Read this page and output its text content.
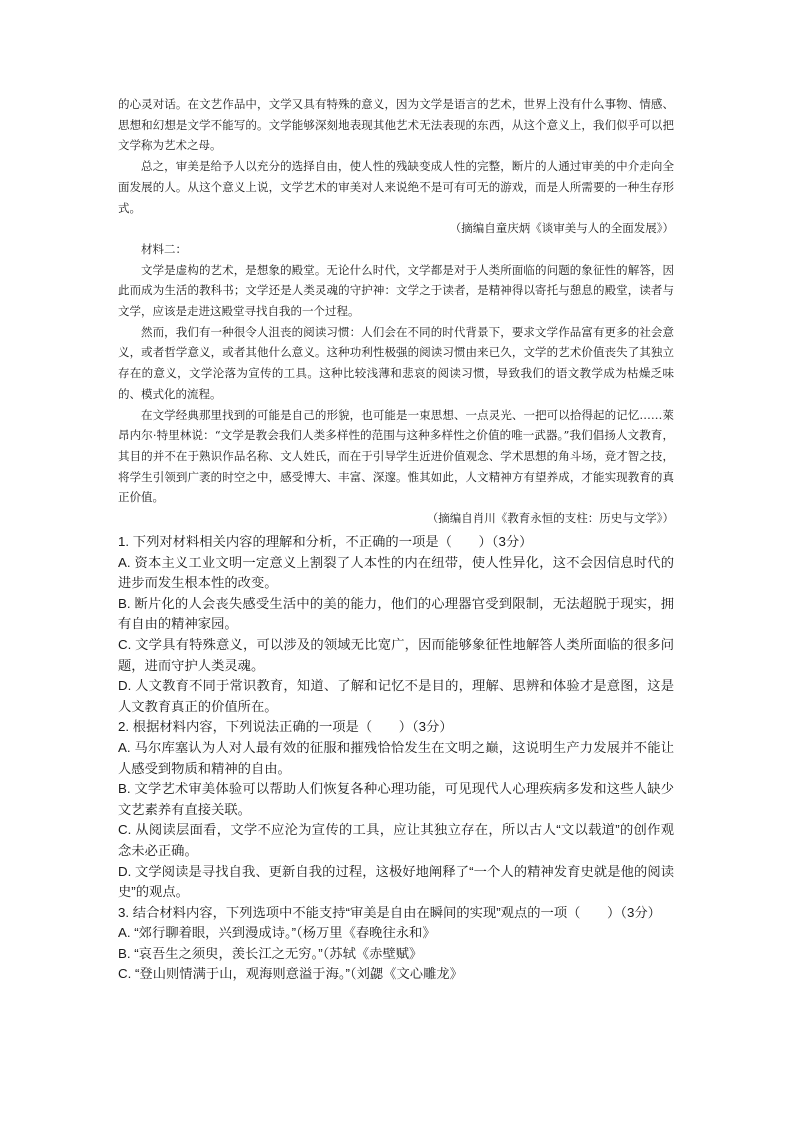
的心灵对话。在文艺作品中，文学又具有特殊的意义，因为文学是语言的艺术，世界上没有什么事物、情感、思想和幻想是文学不能写的。文学能够深刻地表现其他艺术无法表现的东西，从这个意义上，我们似乎可以把文学称为艺术之母。

总之，审美是给予人以充分的选择自由，使人性的残缺变成人性的完整，断片的人通过审美的中介走向全面发展的人。从这个意义上说，文学艺术的审美对人来说绝不是可有可无的游戏，而是人所需要的一种生存形式。

（摘编自童庆炳《谈审美与人的全面发展》）

材料二：

文学是虚构的艺术，是想象的殿堂。无论什么时代，文学都是对于人类所面临的问题的象征性的解答，因此而成为生活的教科书；文学还是人类灵魂的守护神：文学之于读者，是精神得以寄托与憩息的殿堂，读者与文学，应该是走进这殿堂寻找自我的一个过程。

然而，我们有一种很令人沮丧的阅读习惯：人们会在不同的时代背景下，要求文学作品富有更多的社会意义，或者哲学意义，或者其他什么意义。这种功利性极强的阅读习惯由来已久，文学的艺术价值丧失了其独立存在的意义，文学沦落为宣传的工具。这种比较浅薄和悲哀的阅读习惯，导致我们的语文教学成为枯燥乏味的、模式化的流程。

在文学经典那里找到的可能是自己的形貌，也可能是一束思想、一点灵光、一把可以拾得起的记忆……萊昂内尔·特里林说：“文学是教会我们人类多样性的范围与这种多样性之价值的唯一武器。”我们倡扬人文教育，其目的并不在于熟识作品名称、文人姓氏，而在于引导学生近进价值观念、学术思想的角斗场，竞才智之技，将学生引领到广袤的时空之中，感受博大、丰富、深邃。惟其如此，人文精神方有望养成，才能实现教育的真正价值。

（摘编自肖川《教育永恒的支柱：历史与文学》）

1. 下列对材料相关内容的理解和分析，不正确的一项是（　　）（3分）

A. 资本主义工业文明一定意义上割裂了人本性的内在纽带，使人性异化，这不会因信息时代的进步而发生根本性的改变。

B. 断片化的人会丧失感受生活中的美的能力，他们的心理器官受到限制，无法超脱于现实，拥有自由的精神家园。

C. 文学具有特殊意义，可以涉及的领域无比宽广，因而能够象征性地解答人类所面临的很多问题，进而守护人类灵魂。

D. 人文教育不同于常识教育，知道、了解和记忆不是目的，理解、思辨和体验才是意图，这是人文教育真正的价值所在。

2. 根据材料内容，下列说法正确的一项是（　　）（3分）

A. 马尔库塞认为人对人最有效的征服和摧残恰恰发生在文明之巅，这说明生产力发展并不能让人感受到物质和精神的自由。

B. 文学艺术审美体验可以帮助人们恢复各种心理功能，可见现代人心理疾病多发和这些人缺少文艺素养有直接关联。

C. 从阅读层面看，文学不应沦为宣传的工具，应让其独立存在，所以古人“文以载道”的创作观念未必正确。

D. 文学阅读是寻找自我、更新自我的过程，这极好地阐释了“一个人的精神发育史就是他的阅读史”的观点。

3. 结合材料内容，下列选项中不能支持“审美是自由在瞬间的实现”观点的一项（　　）（3分）

A. “郊行聊着眼，兴到漫成诗。”（杨万里《春晚往永和》

B. “哀吾生之须臾，羡长江之无穷。”（苏轼《赤壁赋》

C. “登山则情满于山，观海则意溢于海。”（刘勰《文心雕龙》
